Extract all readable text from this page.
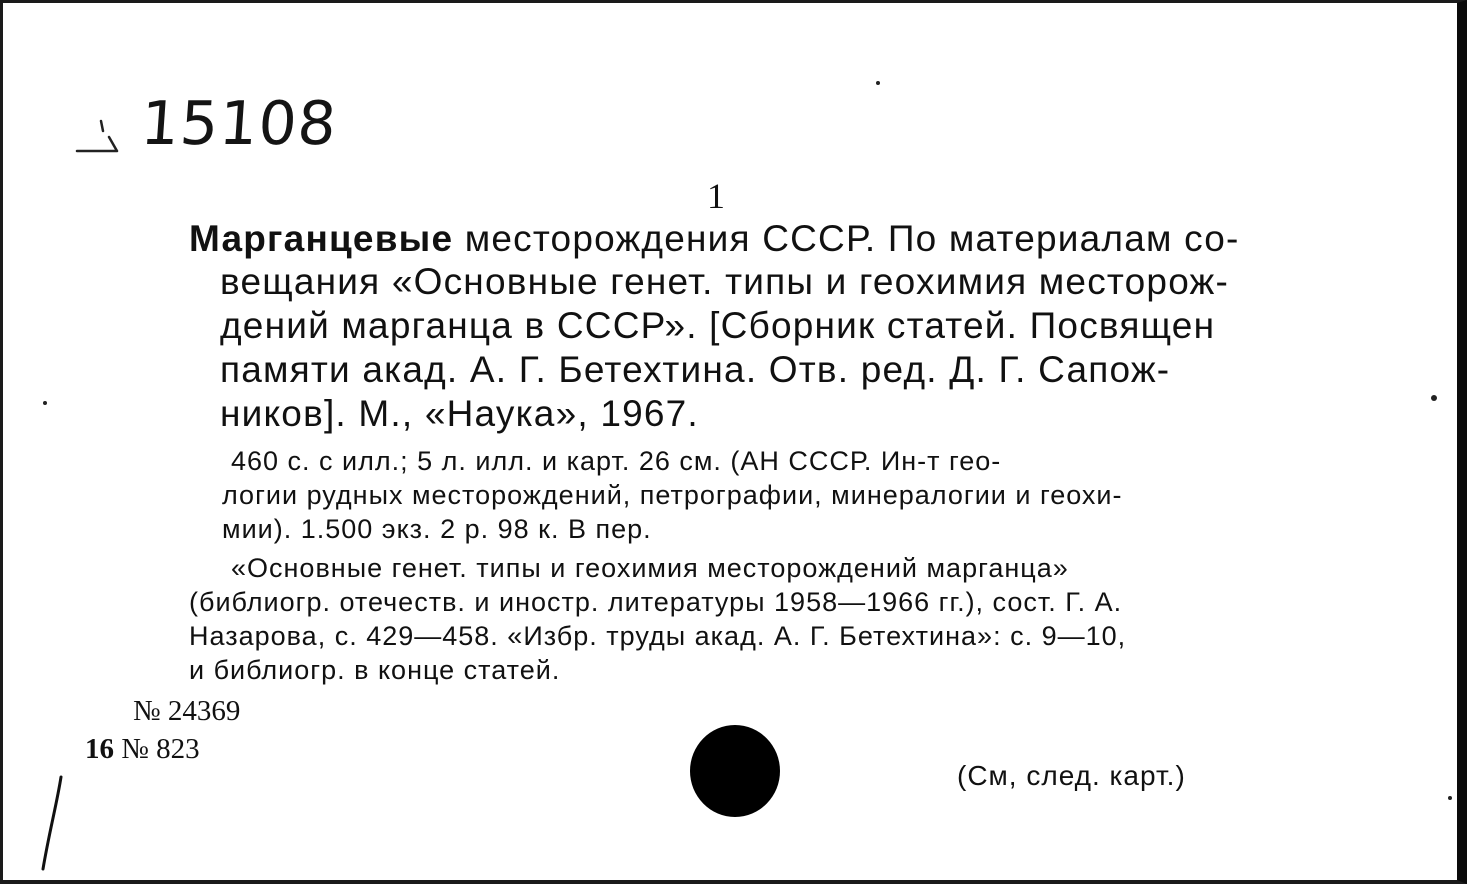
15108
1
Марганцевые месторождения СССР. По материалам со-
вещания «Основные генет. типы и геохимия месторож-
дений марганца в СССР». [Сборник статей. Посвящен
памяти акад. А. Г. Бетехтина. Отв. ред. Д. Г. Сапож-
ников]. М., «Наука», 1967.
460 с. с илл.; 5 л. илл. и карт. 26 см. (АН СССР. Ин-т гео-
логии рудных месторождений, петрографии, минералогии и геохи-
мии). 1.500 экз. 2 р. 98 к. В пер.
«Основные генет. типы и геохимия месторождений марганца»
(библиогр. отечеств. и иностр. литературы 1958—1966 гг.), сост. Г. А.
Назарова, с. 429—458. «Избр. труды акад. А. Г. Бетехтина»: с. 9—10,
и библиогр. в конце статей.
№ 24369
16 № 823
(См, след. карт.)
